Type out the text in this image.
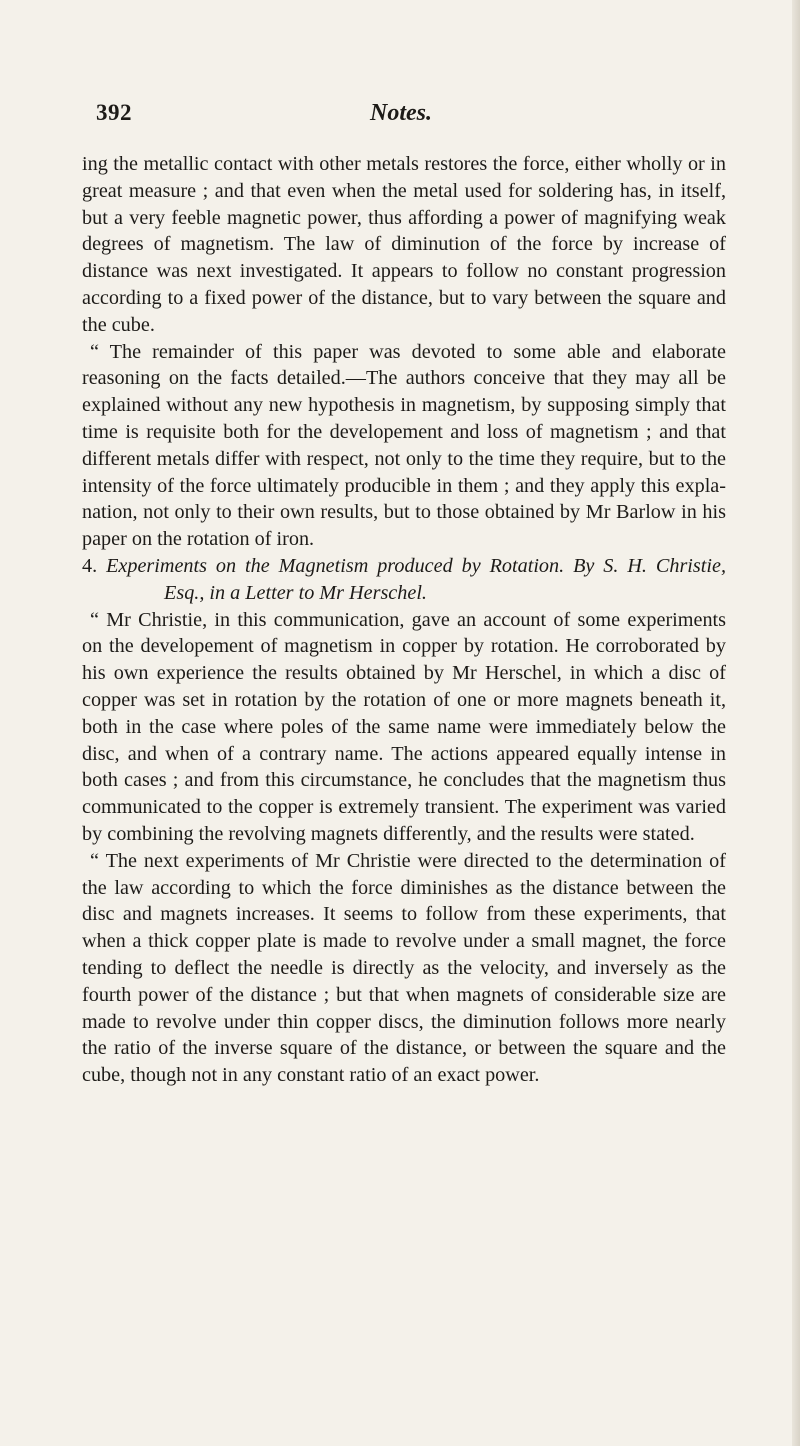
392	Notes.

ing the metallic contact with other metals restores the force, either wholly or in great measure ; and that even when the metal used for soldering has, in itself, but a very feeble magnetic power, thus affording a power of magnifying weak degrees of magnetism. The law of diminution of the force by increase of distance was next investigated. It appears to follow no constant progression according to a fixed power of the distance, but to vary between the square and the cube.

“ The remainder of this paper was devoted to some able and elaborate reasoning on the facts detailed.—The authors conceive that they may all be explained without any new hypothesis in magnetism, by supposing simply that time is requisite both for the developement and loss of magnetism ; and that different metals differ with respect, not only to the time they require, but to the intensity of the force ultimately producible in them ; and they apply this explanation, not only to their own results, but to those obtained by Mr Barlow in his paper on the rotation of iron.

4. Experiments on the Magnetism produced by Rotation. By S. H. Christie, Esq., in a Letter to Mr Herschel.

“ Mr Christie, in this communication, gave an account of some experiments on the developement of magnetism in copper by rotation. He corroborated by his own experience the results obtained by Mr Herschel, in which a disc of copper was set in rotation by the rotation of one or more magnets beneath it, both in the case where poles of the same name were immediately below the disc, and when of a contrary name. The actions appeared equally intense in both cases ; and from this circumstance, he concludes that the magnetism thus communicated to the copper is extremely transient. The experiment was varied by combining the revolving magnets differently, and the results were stated.

“ The next experiments of Mr Christie were directed to the determination of the law according to which the force diminishes as the distance between the disc and magnets increases. It seems to follow from these experiments, that when a thick copper plate is made to revolve under a small magnet, the force tending to deflect the needle is directly as the velocity, and inversely as the fourth power of the distance ; but that when magnets of considerable size are made to revolve under thin copper discs, the diminution follows more nearly the ratio of the inverse square of the distance, or between the square and the cube, though not in any constant ratio of an exact power.
